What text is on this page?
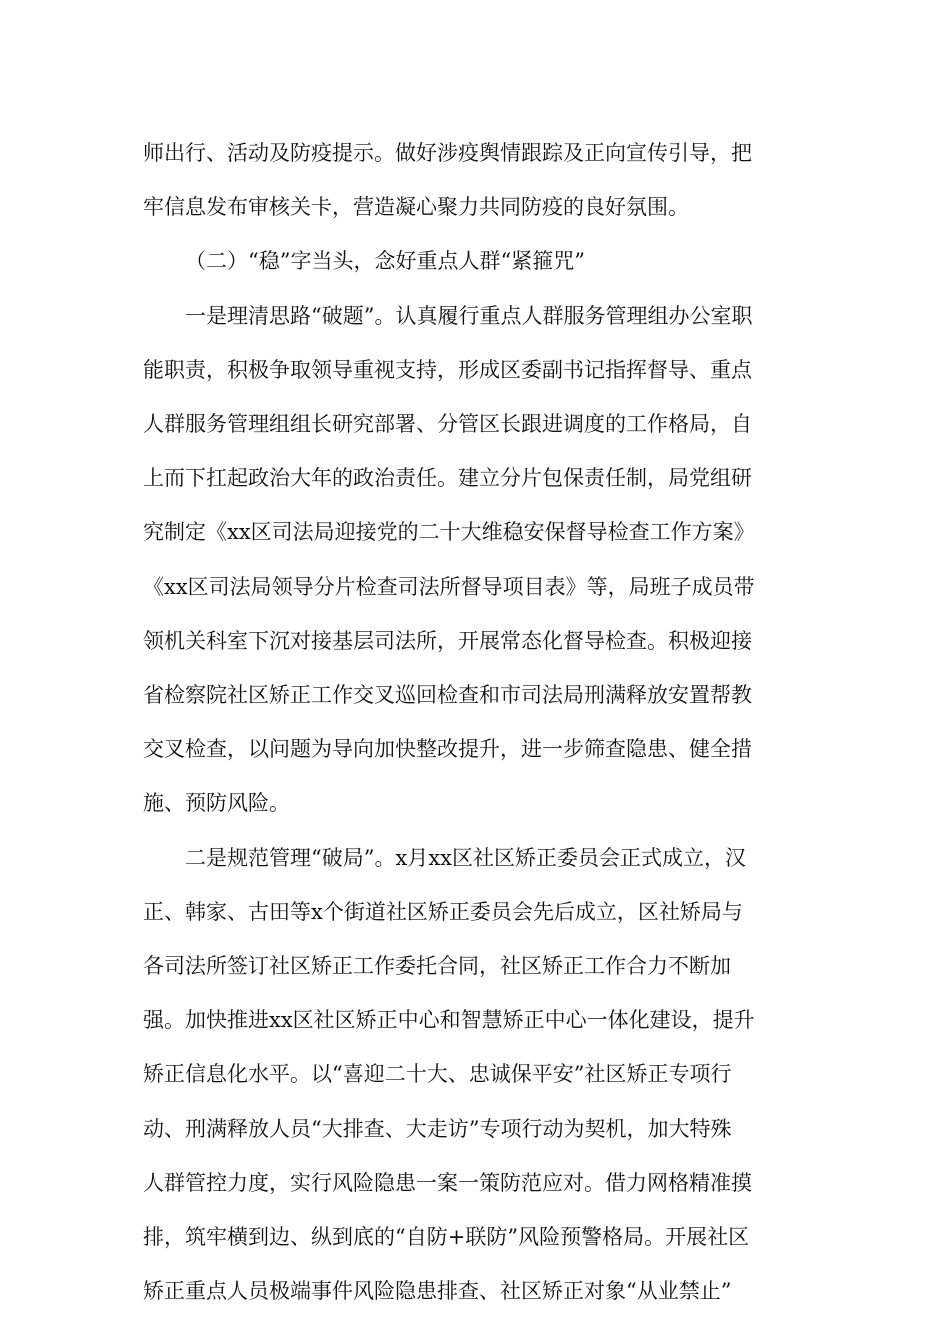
师出行、活动及防疫提示。做好涉疫舆情跟踪及正向宣传引导，把
牢信息发布审核关卡，营造凝心聚力共同防疫的良好氛围。

（二）“稳”字当头，念好重点人群“紧箍咒”

一是理清思路“破题”。认真履行重点人群服务管理组办公室职
能职责，积极争取领导重视支持，形成区委副书记指挥督导、重点
人群服务管理组组长研究部署、分管区长跟进调度的工作格局，自
上而下扛起政治大年的政治责任。建立分片包保责任制，局党组研
究制定《xx区司法局迎接党的二十大维稳安保督导检查工作方案》
《xx区司法局领导分片检查司法所督导项目表》等，局班子成员带
领机关科室下沉对接基层司法所，开展常态化督导检查。积极迎接
省检察院社区矫正工作交叉巡回检查和市司法局刑满释放安置帮教
交叉检查，以问题为导向加快整改提升，进一步筛查隐患、健全措
施、预防风险。

二是规范管理“破局”。x月xx区社区矫正委员会正式成立，汉
正、韩家、古田等x个街道社区矫正委员会先后成立，区社矫局与
各司法所签订社区矫正工作委托合同，社区矫正工作合力不断加
强。加快推进xx区社区矫正中心和智慧矫正中心一体化建设，提升
矫正信息化水平。以“喜迎二十大、忠诚保平安”社区矫正专项行
动、刑满释放人员“大排查、大走访”专项行动为契机，加大特殊
人群管控力度，实行风险隐患一案一策防范应对。借力网格精准摸
排，筑牢横到边、纵到底的“自防+联防”风险预警格局。开展社区
矫正重点人员极端事件风险隐患排查、社区矫正对象“从业禁止”
